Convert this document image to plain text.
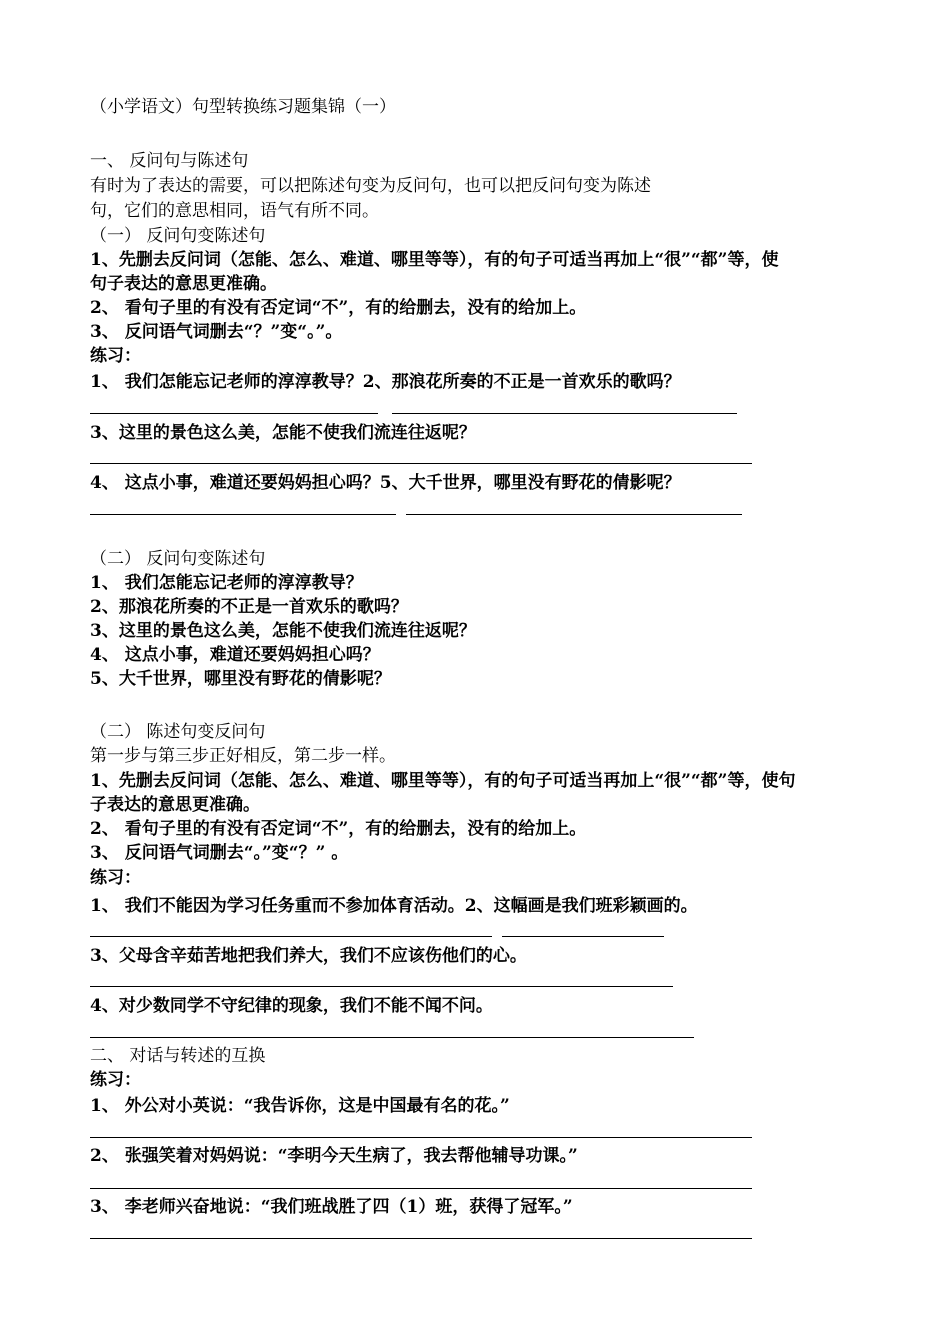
（小学语文）句型转换练习题集锦（一）
一、 反问句与陈述句
有时为了表达的需要，可以把陈述句变为反问句，也可以把反问句变为陈述
句，它们的意思相同，语气有所不同。
（一） 反问句变陈述句
1、先删去反问词（怎能、怎么、难道、哪里等等），有的句子可适当再加上“很”“都”等，使
句子表达的意思更准确。
2、 看句子里的有没有否定词“不”，有的给删去，没有的给加上。
3、 反问语气词删去“？”变“。”。
练习：
1、 我们怎能忘记老师的淳淳教导？2、那浪花所奏的不正是一首欢乐的歌吗？
3、这里的景色这么美，怎能不使我们流连往返呢？
4、 这点小事，难道还要妈妈担心吗？5、大千世界，哪里没有野花的倩影呢？
（二） 反问句变陈述句
1、 我们怎能忘记老师的淳淳教导？
2、那浪花所奏的不正是一首欢乐的歌吗？
3、这里的景色这么美，怎能不使我们流连往返呢？
4、 这点小事，难道还要妈妈担心吗？
5、大千世界，哪里没有野花的倩影呢？
（二） 陈述句变反问句
第一步与第三步正好相反，第二步一样。
1、先删去反问词（怎能、怎么、难道、哪里等等），有的句子可适当再加上“很”“都”等，使句
子表达的意思更准确。
2、 看句子里的有没有否定词“不”，有的给删去，没有的给加上。
3、 反问语气词删去“。”变“？” 。
练习：
1、 我们不能因为学习任务重而不参加体育活动。2、这幅画是我们班彩颖画的。
3、父母含辛茹苦地把我们养大，我们不应该伤他们的心。
4、对少数同学不守纪律的现象，我们不能不闻不问。
二、 对话与转述的互换
练习：
1、 外公对小英说：“我告诉你，这是中国最有名的花。”
2、 张强笑着对妈妈说：“李明今天生病了，我去帮他辅导功课。”
3、 李老师兴奋地说：“我们班战胜了四（1）班，获得了冠军。”
